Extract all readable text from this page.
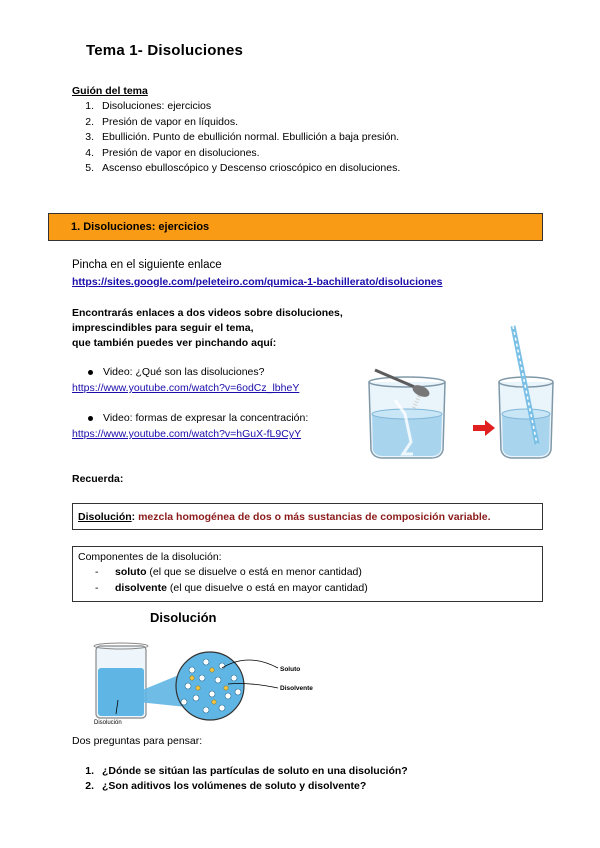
Tema 1- Disoluciones
Guión del tema
1. Disoluciones: ejercicios
2. Presión de vapor en líquidos.
3. Ebullición. Punto de ebullición normal. Ebullición a baja presión.
4. Presión de vapor en disoluciones.
5. Ascenso ebulloscópico y Descenso crioscópico en disoluciones.
1. Disoluciones: ejercicios
Pincha en el siguiente enlace
https://sites.google.com/peleteiro.com/qumica-1-bachillerato/disoluciones
Encontrarás enlaces a dos videos sobre disoluciones,
imprescindibles para seguir el tema,
que también puedes ver pinchando aquí:
Video: ¿Qué son las disoluciones?
https://www.youtube.com/watch?v=6odCz_lbheY
Video: formas de expresar la concentración:
https://www.youtube.com/watch?v=hGuX-fL9CyY
Recuerda:
Disolución: mezcla homogénea de dos o más sustancias de composición variable.
Componentes de la disolución:
- soluto (el que se disuelve o está en menor cantidad)
- disolvente (el que disuelve o está en mayor cantidad)
Disolución
Disolución
Soluto
Disolvente
Dos preguntas para pensar:
1. ¿Dónde se sitúan las partículas de soluto en una disolución?
2. ¿Son aditivos los volúmenes de soluto y disolvente?
